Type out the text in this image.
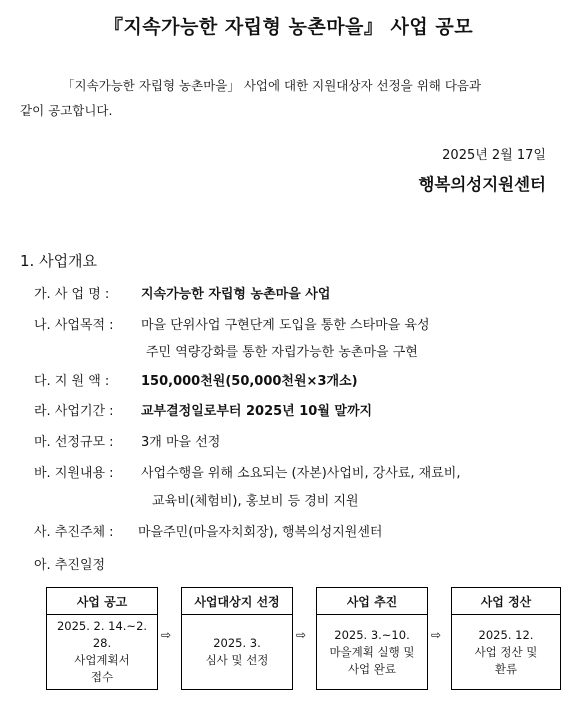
『지속가능한 자립형 농촌마을』 사업 공모
「지속가능한 자립형 농촌마을」 사업에 대한 지원대상자 선정을 위해 다음과
같이 공고합니다.
2025년 2월 17일
행복의성지원센터
1. 사업개요
가. 사 업 명 : 지속가능한 자립형 농촌마을 사업
나. 사업목적 : 마을 단위사업 구현단계 도입을 통한 스타마을 육성
주민 역량강화를 통한 자립가능한 농촌마을 구현
다. 지 원 액 : 150,000천원(50,000천원×3개소)
라. 사업기간 : 교부결정일로부터 2025년 10월 말까지
마. 선정규모 : 3개 마을 선정
바. 지원내용 : 사업수행을 위해 소요되는 (자본)사업비, 강사료, 재료비,
교육비(체험비), 홍보비 등 경비 지원
사. 추진주체 : 마을주민(마을자치회장), 행복의성지원센터
아. 추진일정
사업 공고
2025. 2. 14.~2. 28.
사업계획서
접수
⇨
사업대상지 선정
2025. 3.
심사 및 선정
⇨
사업 추진
2025. 3.~10.
마을계획 실행 및
사업 완료
⇨
사업 정산
2025. 12.
사업 정산 및
환류
